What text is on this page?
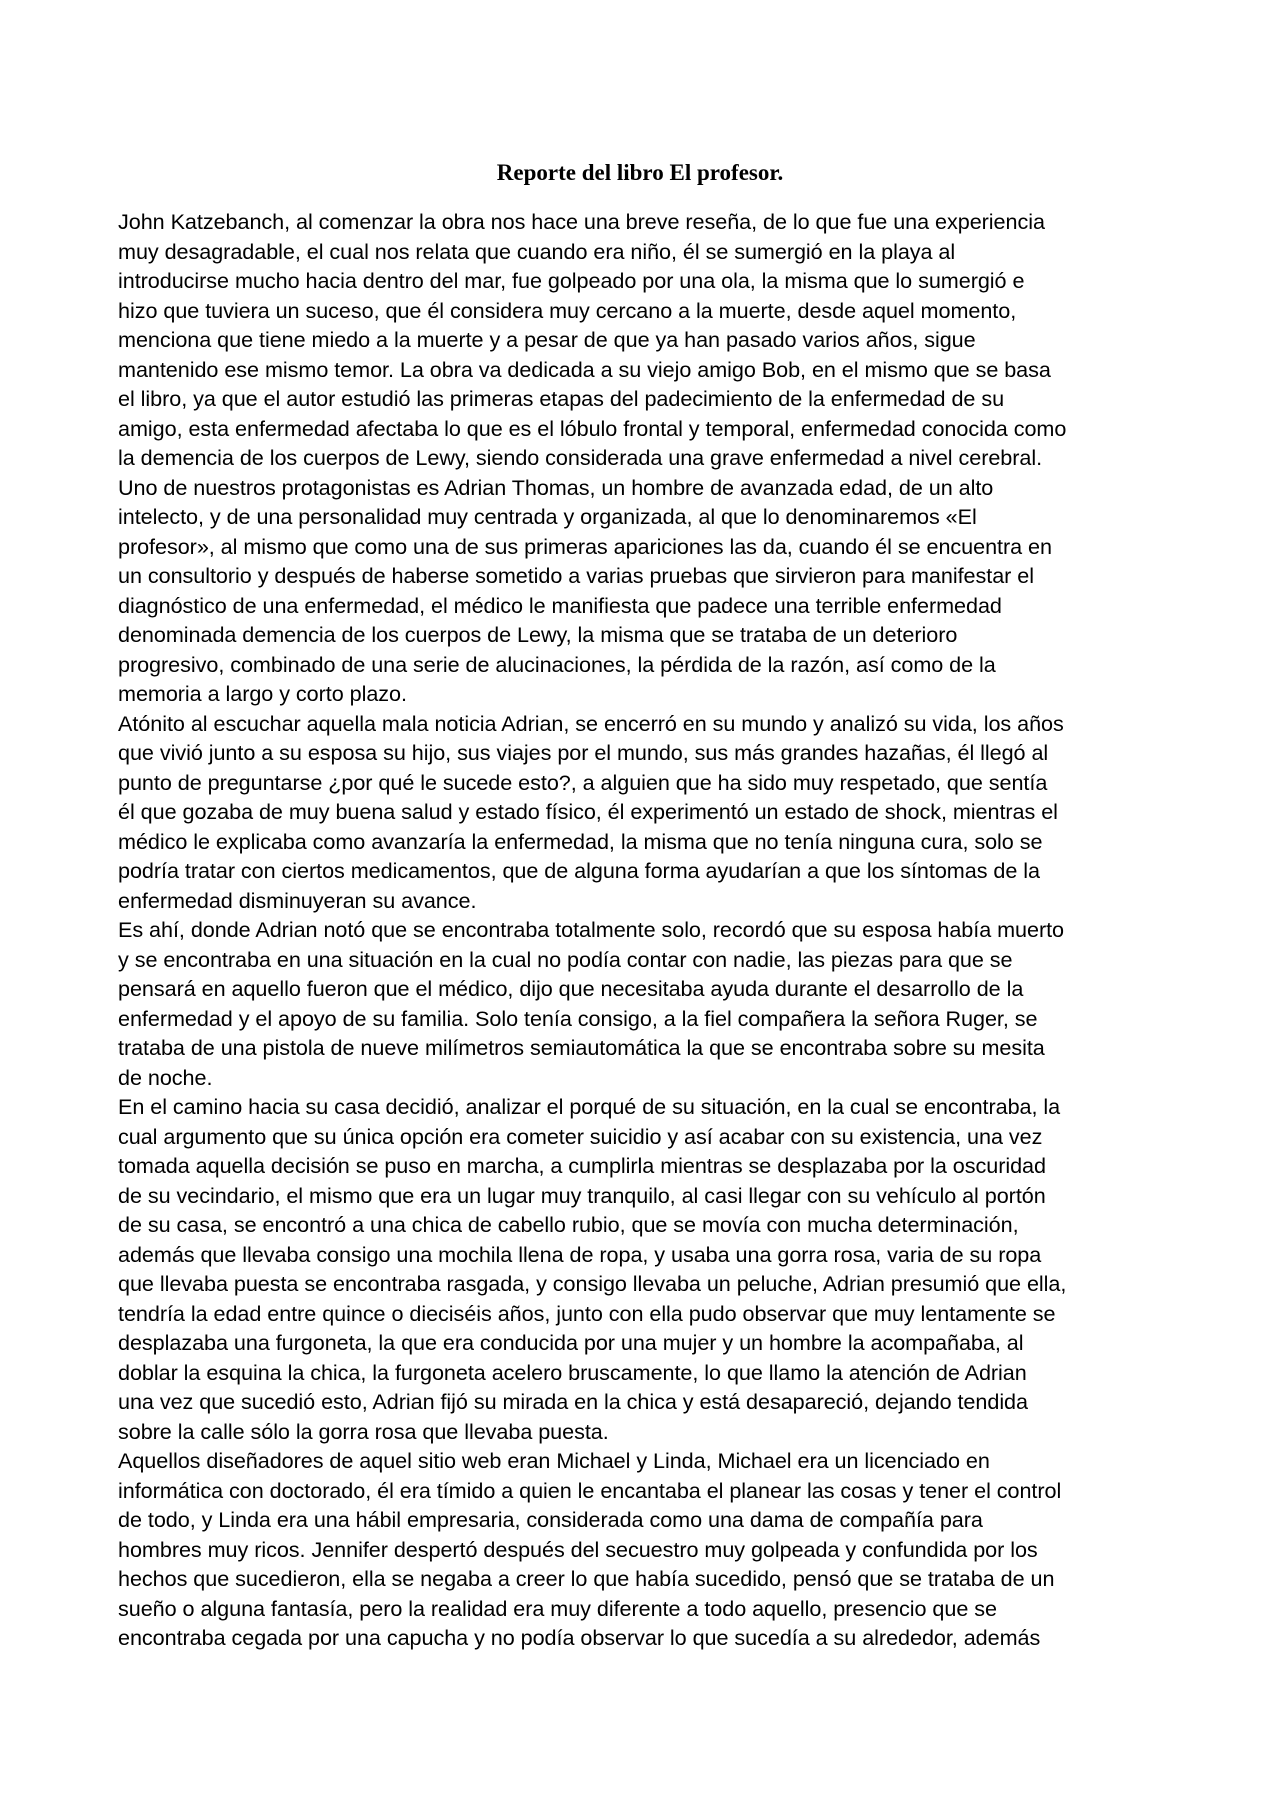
Reporte del libro El profesor.
John Katzebanch, al comenzar la obra nos hace una breve reseña, de lo que fue una experiencia
muy desagradable, el cual nos relata que cuando era niño, él se sumergió en la playa al
introducirse mucho hacia dentro del mar, fue golpeado por una ola, la misma que lo sumergió e
hizo que tuviera un suceso, que él considera muy cercano a la muerte, desde aquel momento,
menciona que tiene miedo a la muerte y a pesar de que ya han pasado varios años, sigue
mantenido ese mismo temor. La obra va dedicada a su viejo amigo Bob, en el mismo que se basa
el libro, ya que el autor estudió las primeras etapas del padecimiento de la enfermedad de su
amigo, esta enfermedad afectaba lo que es el lóbulo frontal y temporal, enfermedad conocida como
la demencia de los cuerpos de Lewy, siendo considerada una grave enfermedad a nivel cerebral.
Uno de nuestros protagonistas es Adrian Thomas, un hombre de avanzada edad, de un alto
intelecto, y de una personalidad muy centrada y organizada, al que lo denominaremos «El
profesor», al mismo que como una de sus primeras apariciones las da, cuando él se encuentra en
un consultorio y después de haberse sometido a varias pruebas que sirvieron para manifestar el
diagnóstico de una enfermedad, el médico le manifiesta que padece una terrible enfermedad
denominada demencia de los cuerpos de Lewy, la misma que se trataba de un deterioro
progresivo, combinado de una serie de alucinaciones, la pérdida de la razón, así como de la
memoria a largo y corto plazo.
Atónito al escuchar aquella mala noticia Adrian, se encerró en su mundo y analizó su vida, los años
que vivió junto a su esposa su hijo, sus viajes por el mundo, sus más grandes hazañas, él llegó al
punto de preguntarse ¿por qué le sucede esto?, a alguien que ha sido muy respetado, que sentía
él que gozaba de muy buena salud y estado físico, él experimentó un estado de shock, mientras el
médico le explicaba como avanzaría la enfermedad, la misma que no tenía ninguna cura, solo se
podría tratar con ciertos medicamentos, que de alguna forma ayudarían a que los síntomas de la
enfermedad disminuyeran su avance.
Es ahí, donde Adrian notó que se encontraba totalmente solo, recordó que su esposa había muerto
y se encontraba en una situación en la cual no podía contar con nadie, las piezas para que se
pensará en aquello fueron que el médico, dijo que necesitaba ayuda durante el desarrollo de la
enfermedad y el apoyo de su familia. Solo tenía consigo, a la fiel compañera la señora Ruger, se
trataba de una pistola de nueve milímetros semiautomática la que se encontraba sobre su mesita
de noche.
En el camino hacia su casa decidió, analizar el porqué de su situación, en la cual se encontraba, la
cual argumento que su única opción era cometer suicidio y así acabar con su existencia, una vez
tomada aquella decisión se puso en marcha, a cumplirla mientras se desplazaba por la oscuridad
de su vecindario, el mismo que era un lugar muy tranquilo, al casi llegar con su vehículo al portón
de su casa, se encontró a una chica de cabello rubio, que se movía con mucha determinación,
además que llevaba consigo una mochila llena de ropa, y usaba una gorra rosa, varia de su ropa
que llevaba puesta se encontraba rasgada, y consigo llevaba un peluche, Adrian presumió que ella,
tendría la edad entre quince o dieciséis años, junto con ella pudo observar que muy lentamente se
desplazaba una furgoneta, la que era conducida por una mujer y un hombre la acompañaba, al
doblar la esquina la chica, la furgoneta acelero bruscamente, lo que llamo la atención de Adrian
una vez que sucedió esto, Adrian fijó su mirada en la chica y está desapareció, dejando tendida
sobre la calle sólo la gorra rosa que llevaba puesta.
Aquellos diseñadores de aquel sitio web eran Michael y Linda, Michael era un licenciado en
informática con doctorado, él era tímido a quien le encantaba el planear las cosas y tener el control
de todo, y Linda era una hábil empresaria, considerada como una dama de compañía para
hombres muy ricos. Jennifer despertó después del secuestro muy golpeada y confundida por los
hechos que sucedieron, ella se negaba a creer lo que había sucedido, pensó que se trataba de un
sueño o alguna fantasía, pero la realidad era muy diferente a todo aquello, presencio que se
encontraba cegada por una capucha y no podía observar lo que sucedía a su alrededor, además
